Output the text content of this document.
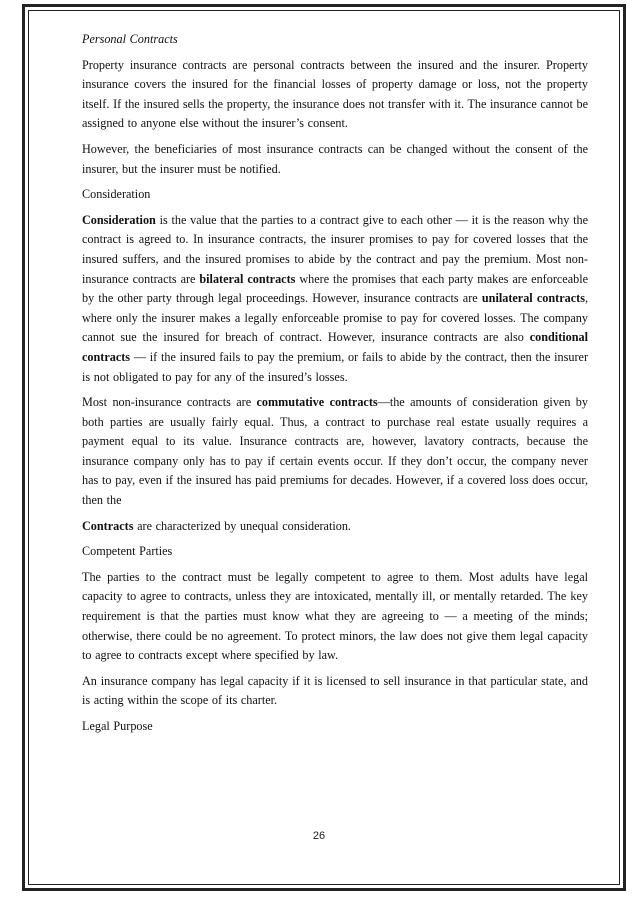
Personal Contracts

Property insurance contracts are personal contracts between the insured and the insurer. Property insurance covers the insured for the financial losses of property damage or loss, not the property itself. If the insured sells the property, the insurance does not transfer with it. The insurance cannot be assigned to anyone else without the insurer’s consent.

However, the beneficiaries of most insurance contracts can be changed without the consent of the insurer, but the insurer must be notified.

Consideration

Consideration is the value that the parties to a contract give to each other — it is the reason why the contract is agreed to. In insurance contracts, the insurer promises to pay for covered losses that the insured suffers, and the insured promises to abide by the contract and pay the premium. Most non-insurance contracts are bilateral contracts where the promises that each party makes are enforceable by the other party through legal proceedings. However, insurance contracts are unilateral contracts, where only the insurer makes a legally enforceable promise to pay for covered losses. The company cannot sue the insured for breach of contract. However, insurance contracts are also conditional contracts — if the insured fails to pay the premium, or fails to abide by the contract, then the insurer is not obligated to pay for any of the insured’s losses.

Most non-insurance contracts are commutative contracts—the amounts of consideration given by both parties are usually fairly equal. Thus, a contract to purchase real estate usually requires a payment equal to its value. Insurance contracts are, however, lavatory contracts, because the insurance company only has to pay if certain events occur. If they don’t occur, the company never has to pay, even if the insured has paid premiums for decades. However, if a covered loss does occur, then the

Contracts are characterized by unequal consideration.

Competent Parties

The parties to the contract must be legally competent to agree to them. Most adults have legal capacity to agree to contracts, unless they are intoxicated, mentally ill, or mentally retarded. The key requirement is that the parties must know what they are agreeing to — a meeting of the minds; otherwise, there could be no agreement. To protect minors, the law does not give them legal capacity to agree to contracts except where specified by law.

An insurance company has legal capacity if it is licensed to sell insurance in that particular state, and is acting within the scope of its charter.

Legal Purpose

26
